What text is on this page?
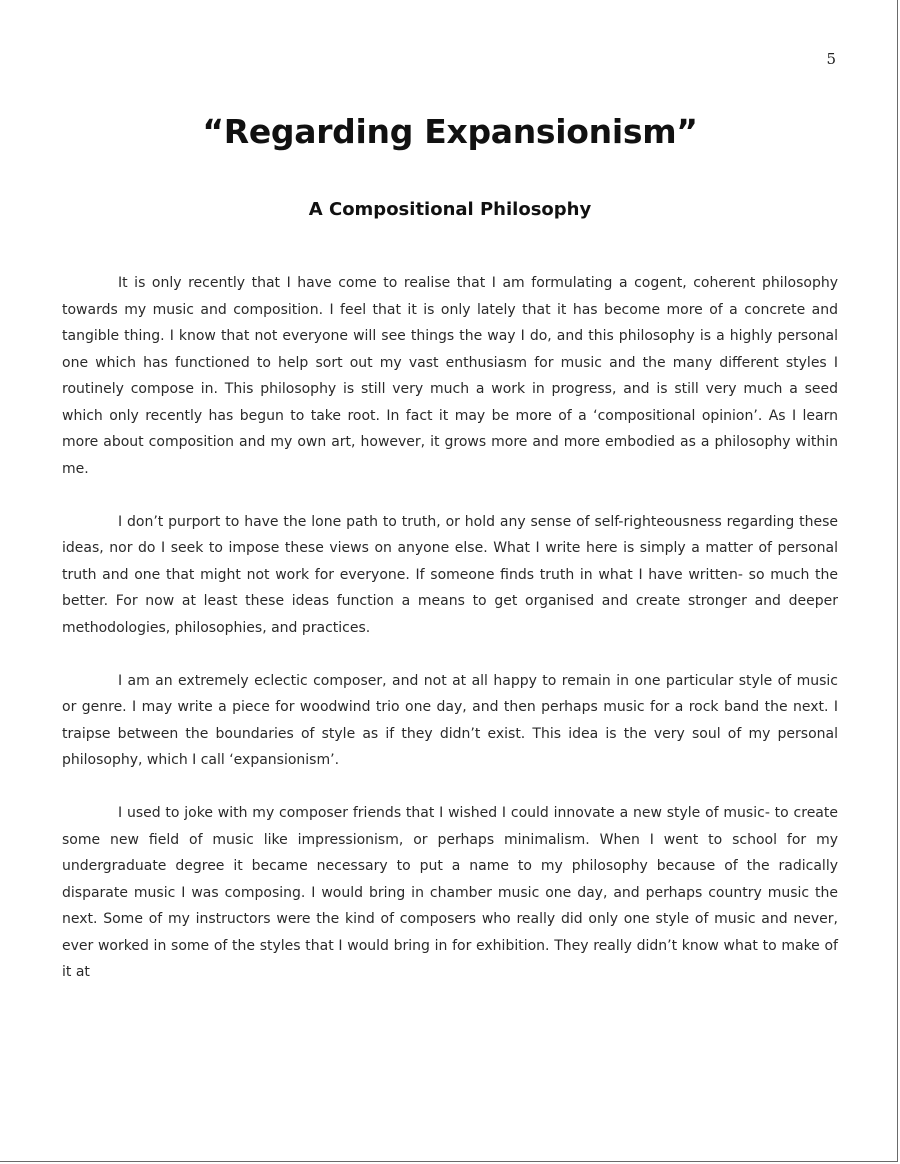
5
“Regarding Expansionism”
A Compositional Philosophy

It is only recently that I have come to realise that I am formulating a cogent, coherent philosophy towards my music and composition. I feel that it is only lately that it has become more of a concrete and tangible thing. I know that not everyone will see things the way I do, and this philosophy is a highly personal one which has functioned to help sort out my vast enthusiasm for music and the many different styles I routinely compose in. This philosophy is still very much a work in progress, and is still very much a seed which only recently has begun to take root. In fact it may be more of a ‘compositional opinion’. As I learn more about composition and my own art, however, it grows more and more embodied as a philosophy within me.

I don’t purport to have the lone path to truth, or hold any sense of self-righteousness regarding these ideas, nor do I seek to impose these views on anyone else. What I write here is simply a matter of personal truth and one that might not work for everyone. If someone finds truth in what I have written- so much the better. For now at least these ideas function a means to get organised and create stronger and deeper methodologies, philosophies, and practices.

I am an extremely eclectic composer, and not at all happy to remain in one particular style of music or genre. I may write a piece for woodwind trio one day, and then perhaps music for a rock band the next. I traipse between the boundaries of style as if they didn’t exist. This idea is the very soul of my personal philosophy, which I call ‘expansionism’.

I used to joke with my composer friends that I wished I could innovate a new style of music- to create some new field of music like impressionism, or perhaps minimalism. When I went to school for my undergraduate degree it became necessary to put a name to my philosophy because of the radically disparate music I was composing. I would bring in chamber music one day, and perhaps country music the next. Some of my instructors were the kind of composers who really did only one style of music and never, ever worked in some of the styles that I would bring in for exhibition. They really didn’t know what to make of it at
